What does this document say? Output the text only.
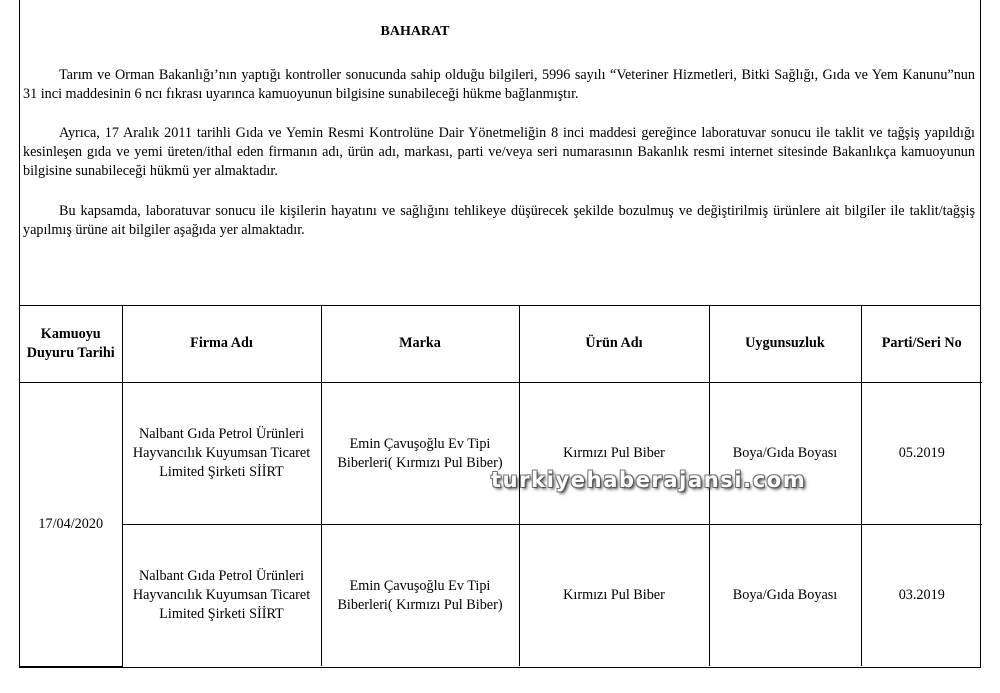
BAHARAT

Tarım ve Orman Bakanlığı’nın yaptığı kontroller sonucunda sahip olduğu bilgileri, 5996 sayılı “Veteriner Hizmetleri, Bitki Sağlığı, Gıda ve Yem Kanunu”nun 31 inci maddesinin 6 ncı fıkrası uyarınca kamuoyunun bilgisine sunabileceği hükme bağlanmıştır.

Ayrıca, 17 Aralık 2011 tarihli Gıda ve Yemin Resmi Kontrolüne Dair Yönetmeliğin 8 inci maddesi gereğince laboratuvar sonucu ile taklit ve tağşiş yapıldığı kesinleşen gıda ve yemi üreten/ithal eden firmanın adı, ürün adı, markası, parti ve/veya seri numarasının Bakanlık resmi internet sitesinde Bakanlıkça kamuoyunun bilgisine sunabileceği hükmü yer almaktadır.

Bu kapsamda, laboratuvar sonucu ile kişilerin hayatını ve sağlığını tehlikeye düşürecek şekilde bozulmuş ve değiştirilmiş ürünlere ait bilgiler ile taklit/tağşiş yapılmış ürüne ait bilgiler aşağıda yer almaktadır.

Kamuoyu Duyuru Tarihi	Firma Adı	Marka	Ürün Adı	Uygunsuzluk	Parti/Seri No
17/04/2020	Nalbant Gıda Petrol Ürünleri Hayvancılık Kuyumsan Ticaret Limited Şirketi SİİRT	Emin Çavuşoğlu Ev Tipi Biberleri( Kırmızı Pul Biber)	Kırmızı Pul Biber	Boya/Gıda Boyası	05.2019
	Nalbant Gıda Petrol Ürünleri Hayvancılık Kuyumsan Ticaret Limited Şirketi SİİRT	Emin Çavuşoğlu Ev Tipi Biberleri( Kırmızı Pul Biber)	Kırmızı Pul Biber	Boya/Gıda Boyası	03.2019
turkiyehaberajansi.com
